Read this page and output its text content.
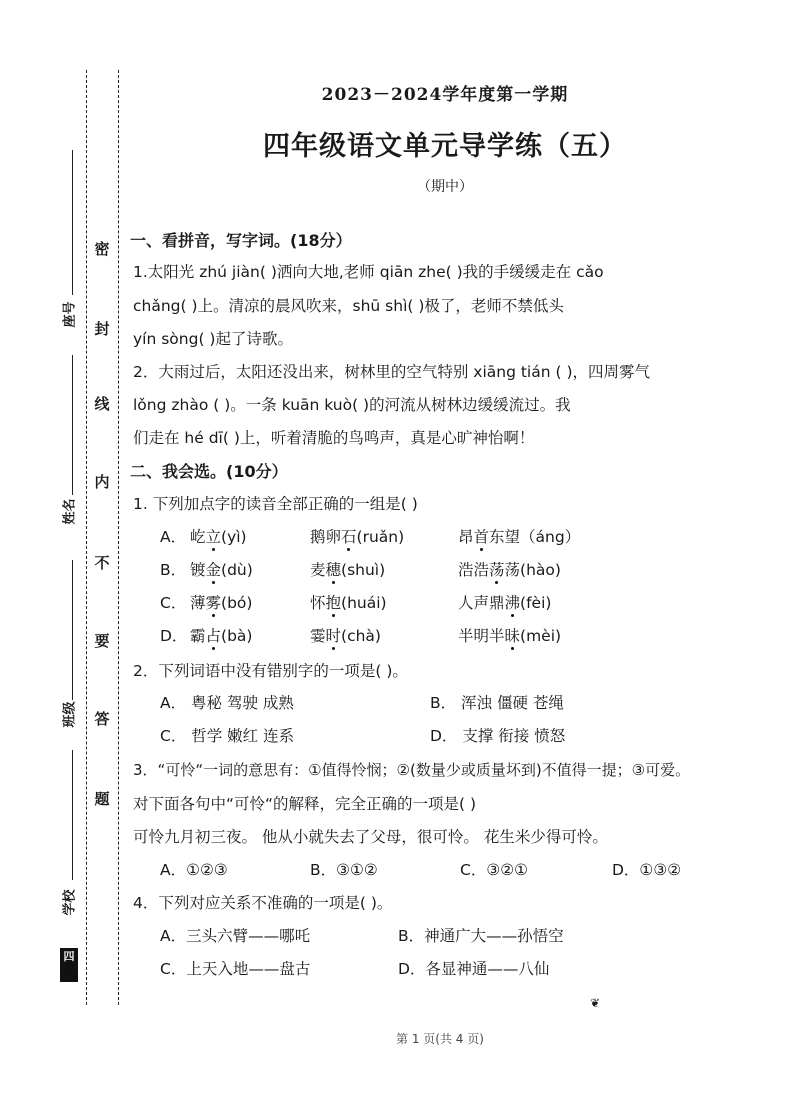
密
封
线
内
不
要
答
题
座号
姓名
班级
学校
四
2023－2024学年度第一学期
四年级语文单元导学练（五）
（期中）
一、看拼音，写字词。(18分）
1.太阳光 zhú jiàn( )洒向大地,老师 qiān zhe( )我的手缓缓走在 cǎo
chǎng( )上。清凉的晨风吹来，shū shì( )极了，老师不禁低头
yín sòng( )起了诗歌。
2．大雨过后，太阳还没出来，树林里的空气特别 xiāng tián ( )，四周雾气
lǒng zhào ( )。一条 kuān kuò( )的河流从树林边缓缓流过。我
们走在 hé dī( )上，听着清脆的鸟鸣声，真是心旷神怡啊！
二、我会选。(10分）
1. 下列加点字的读音全部正确的一组是( )
A． 屹立(yì)	鹅卵石(ruǎn)	昂首东望（áng）
B． 镀金(dù)	麦穗(shuì)	浩浩荡荡(hào)
C． 薄雾(bó)	怀抱(huái)	人声鼎沸(fèi)
D． 霸占(bà)	霎时(chà)	半明半昧(mèi)
2．下列词语中没有错别字的一项是( )。
A． 粤秘 驾驶 成熟	B． 浑浊 僵硬 苍绳
C． 哲学 嫩红 连系	D． 支撑 衔接 愤怒
3．“可怜“一词的意思有：①值得怜悯；②(数量少或质量坏到)不值得一提；③可爱。
对下面各句中“可怜“的解释，完全正确的一项是( )
可怜九月初三夜。 他从小就失去了父母，很可怜。 花生米少得可怜。
A．①②③	B．③①②	C．③②①	D．①③②
4．下列对应关系不准确的一项是( )。
A．三头六臂——哪吒	B．神通广大——孙悟空
C．上天入地——盘古	D．各显神通——八仙
❦
第 1 页(共 4 页)
